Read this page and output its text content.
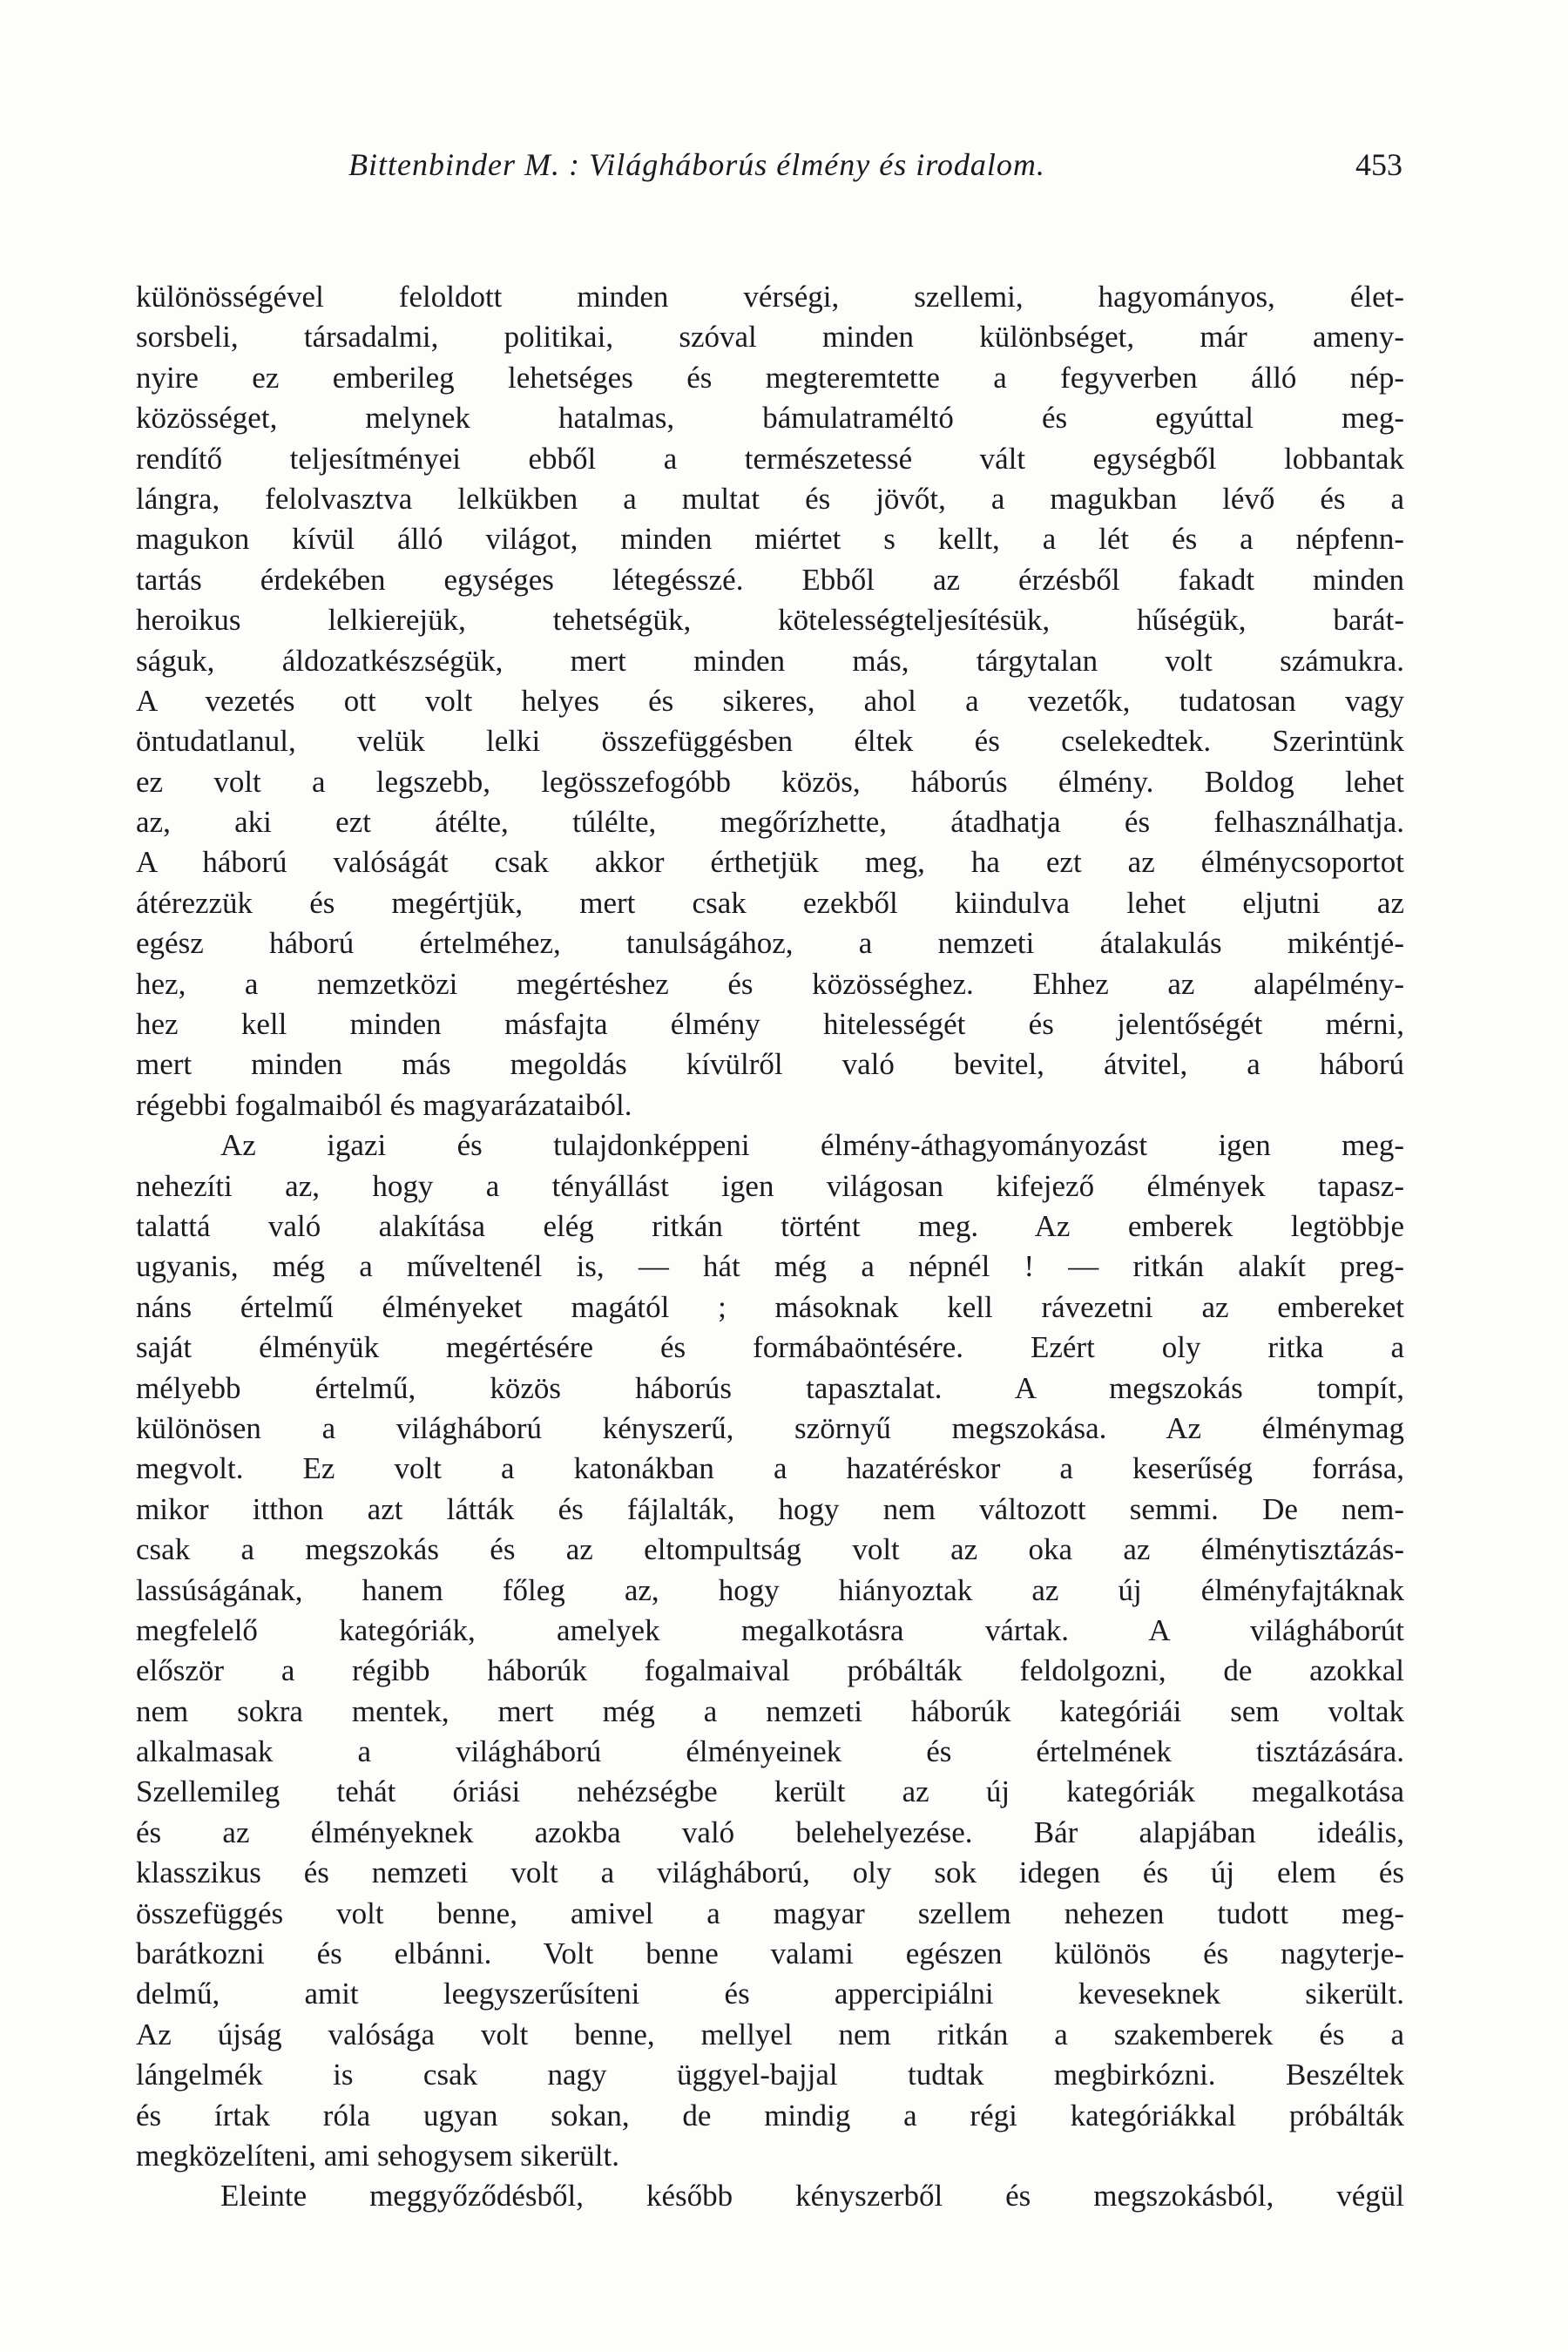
Bittenbinder M. : Világháborús élmény és irodalom.	453
különösségével feloldott minden vérségi, szellemi, hagyományos, élet-
sorsbeli, társadalmi, politikai, szóval minden különbséget, már ameny-
nyire ez emberileg lehetséges és megteremtette a fegyverben álló nép-
közösséget, melynek hatalmas, bámulatraméltó és egyúttal meg-
rendítő teljesítményei ebből a természetessé vált egységből lobbantak
lángra, felolvasztva lelkükben a multat és jövőt, a magukban lévő és a
magukon kívül álló világot, minden miértet s kellt, a lét és a népfenn-
tartás érdekében egységes létegésszé. Ebből az érzésből fakadt minden
heroikus lelkierejük, tehetségük, kötelességteljesítésük, hűségük, barát-
ságuk, áldozatkészségük, mert minden más, tárgytalan volt számukra.
A vezetés ott volt helyes és sikeres, ahol a vezetők, tudatosan vagy
öntudatlanul, velük lelki összefüggésben éltek és cselekedtek. Szerintünk
ez volt a legszebb, legösszefogóbb közös, háborús élmény. Boldog lehet
az, aki ezt átélte, túlélte, megőrízhette, átadhatja és felhasználhatja.
A háború valóságát csak akkor érthetjük meg, ha ezt az élménycsoportot
átérezzük és megértjük, mert csak ezekből kiindulva lehet eljutni az
egész háború értelméhez, tanulságához, a nemzeti átalakulás mikéntjé-
hez, a nemzetközi megértéshez és közösséghez. Ehhez az alapélmény-
hez kell minden másfajta élmény hitelességét és jelentőségét mérni,
mert minden más megoldás kívülről való bevitel, átvitel, a háború
régebbi fogalmaiból és magyarázataiból.
Az igazi és tulajdonképpeni élmény-áthagyományozást igen meg-
nehezíti az, hogy a tényállást igen világosan kifejező élmények tapasz-
talattá való alakítása elég ritkán történt meg. Az emberek legtöbbje
ugyanis, még a műveltenél is, — hát még a népnél ! — ritkán alakít preg-
náns értelmű élményeket magától ; másoknak kell rávezetni az embereket
saját élményük megértésére és formábaöntésére. Ezért oly ritka a
mélyebb értelmű, közös háborús tapasztalat. A megszokás tompít,
különösen a világháború kényszerű, szörnyű megszokása. Az élménymag
megvolt. Ez volt a katonákban a hazatéréskor a keserűség forrása,
mikor itthon azt látták és fájlalták, hogy nem változott semmi. De nem-
csak a megszokás és az eltompultság volt az oka az élménytisztázás-
lassúságának, hanem főleg az, hogy hiányoztak az új élményfajtáknak
megfelelő kategóriák, amelyek megalkotásra vártak. A világháborút
először a régibb háborúk fogalmaival próbálták feldolgozni, de azokkal
nem sokra mentek, mert még a nemzeti háborúk kategóriái sem voltak
alkalmasak a világháború élményeinek és értelmének tisztázására.
Szellemileg tehát óriási nehézségbe került az új kategóriák megalkotása
és az élményeknek azokba való belehelyezése. Bár alapjában ideális,
klasszikus és nemzeti volt a világháború, oly sok idegen és új elem és
összefüggés volt benne, amivel a magyar szellem nehezen tudott meg-
barátkozni és elbánni. Volt benne valami egészen különös és nagyterje-
delmű, amit leegyszerűsíteni és appercipiálni keveseknek sikerült.
Az újság valósága volt benne, mellyel nem ritkán a szakemberek és a
lángelmék is csak nagy üggyel-bajjal tudtak megbirkózni. Beszéltek
és írtak róla ugyan sokan, de mindig a régi kategóriákkal próbálták
megközelíteni, ami sehogysem sikerült.
Eleinte meggyőződésből, később kényszerből és megszokásból, végül
